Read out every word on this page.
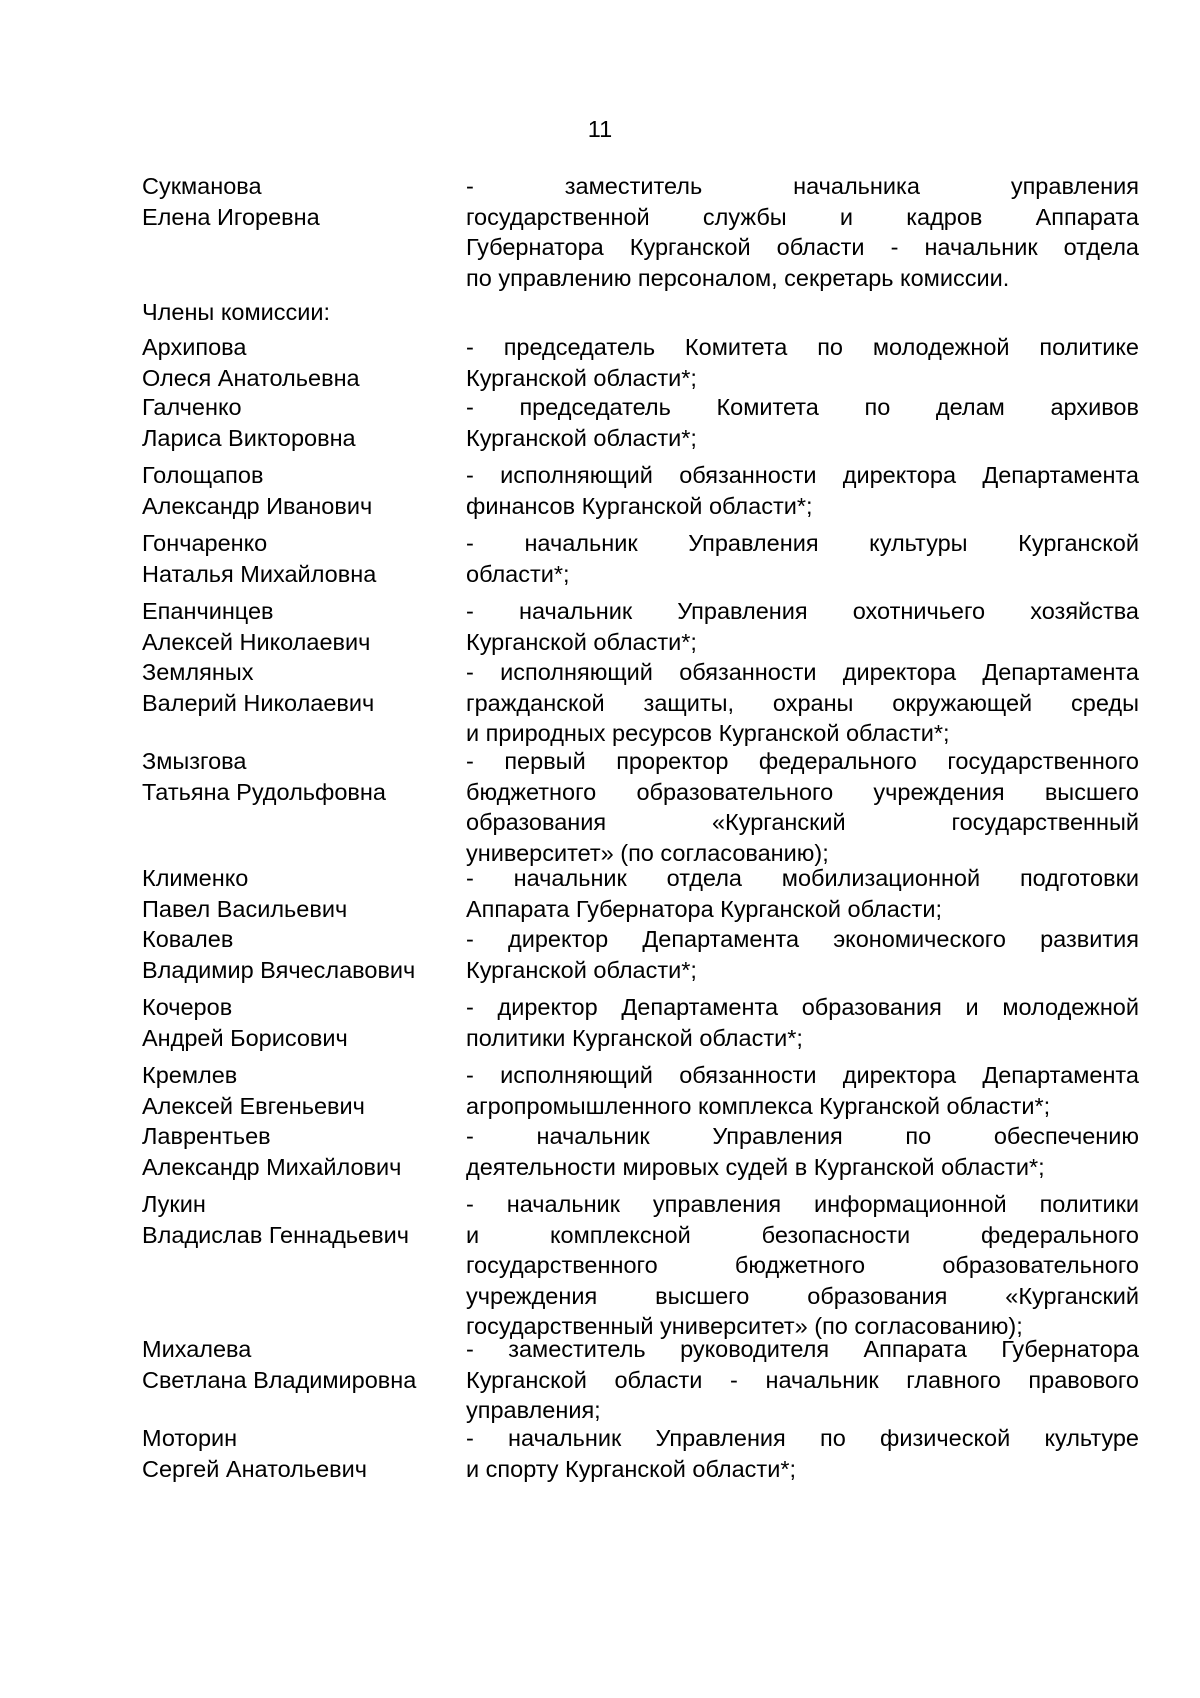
11
Сукманова
Елена Игоревна
- заместитель начальника управления
государственной службы и кадров Аппарата
Губернатора Курганской области - начальник отдела
по управлению персоналом, секретарь комиссии.
Члены комиссии:
Архипова
Олеся Анатольевна
- председатель Комитета по молодежной политике
Курганской области*;
Галченко
Лариса Викторовна
- председатель Комитета по делам архивов
Курганской области*;
Голощапов
Александр Иванович
- исполняющий обязанности директора Департамента
финансов Курганской области*;
Гончаренко
Наталья Михайловна
- начальник Управления культуры Курганской
области*;
Епанчинцев
Алексей Николаевич
- начальник Управления охотничьего хозяйства
Курганской области*;
Земляных
Валерий Николаевич
- исполняющий обязанности директора Департамента
гражданской защиты, охраны окружающей среды
и природных ресурсов Курганской области*;
Змызгова
Татьяна Рудольфовна
- первый проректор федерального государственного
бюджетного образовательного учреждения высшего
образования «Курганский государственный
университет» (по согласованию);
Клименко
Павел Васильевич
- начальник отдела мобилизационной подготовки
Аппарата Губернатора Курганской области;
Ковалев
Владимир Вячеславович
- директор Департамента экономического развития
Курганской области*;
Кочеров
Андрей Борисович
- директор Департамента образования и молодежной
политики Курганской области*;
Кремлев
Алексей Евгеньевич
- исполняющий обязанности директора Департамента
агропромышленного комплекса Курганской области*;
Лаврентьев
Александр Михайлович
- начальник Управления по обеспечению
деятельности мировых судей в Курганской области*;
Лукин
Владислав Геннадьевич
- начальник управления информационной политики
и комплексной безопасности федерального
государственного бюджетного образовательного
учреждения высшего образования «Курганский
государственный университет» (по согласованию);
Михалева
Светлана Владимировна
- заместитель руководителя Аппарата Губернатора
Курганской области - начальник главного правового
управления;
Моторин
Сергей Анатольевич
- начальник Управления по физической культуре
и спорту Курганской области*;
